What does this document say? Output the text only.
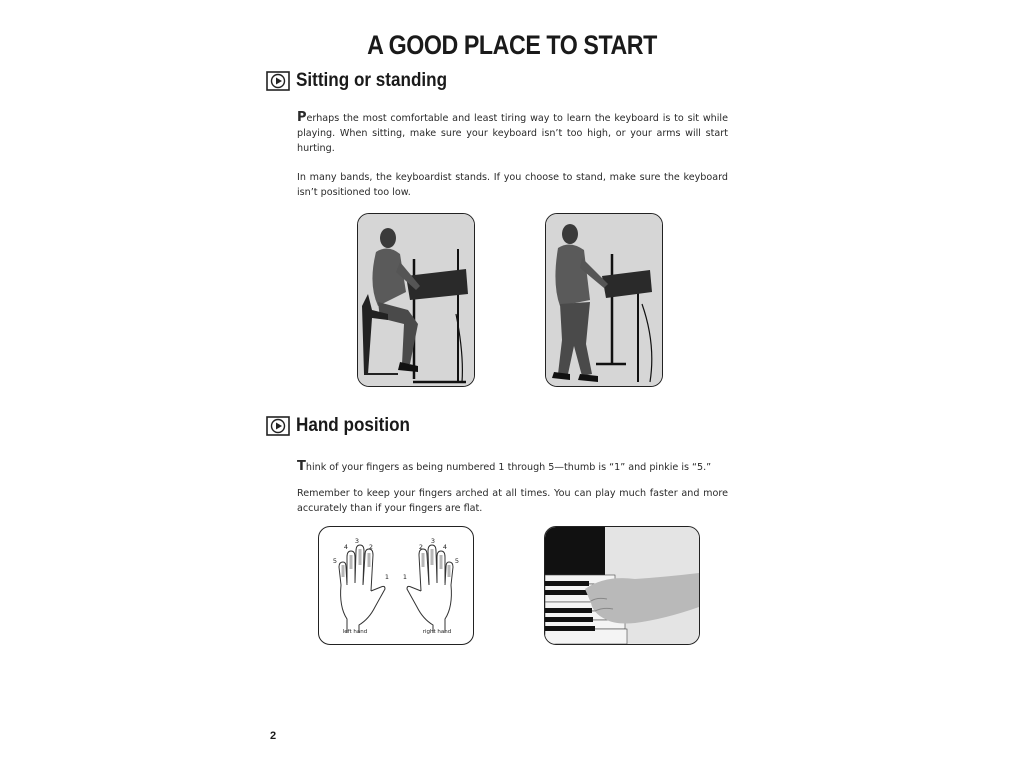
A GOOD PLACE TO START
Sitting or standing

Perhaps the most comfortable and least tiring way to learn the keyboard is to sit while playing. When sitting, make sure your keyboard isn’t too high, or your arms will start hurting.

In many bands, the keyboardist stands. If you choose to stand, make sure the keyboard isn’t positioned too low.

Hand position

Think of your fingers as being numbered 1 through 5—thumb is “1” and pinkie is “5.”

Remember to keep your fingers arched at all times. You can play much faster and more accurately than if your fingers are flat.

5
4
3
2
1
2
3
4
5
1
left hand	right hand
2
